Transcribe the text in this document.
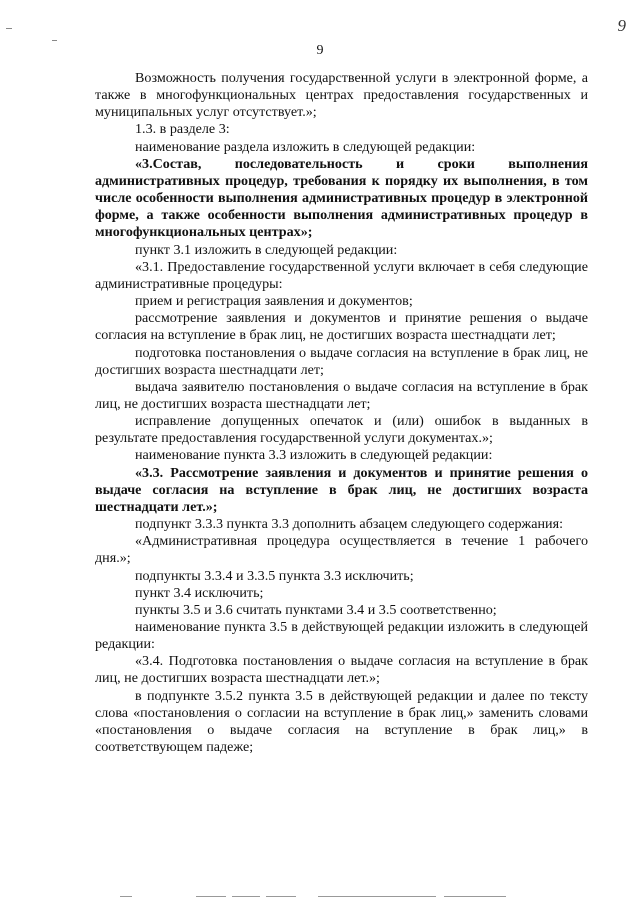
9
9

Возможность получения государственной услуги в электронной форме, а также в многофункциональных центрах предоставления государственных и муниципальных услуг отсутствует.»;

1.3. в разделе 3:

наименование раздела изложить в следующей редакции:

«3.Состав, последовательность и сроки выполнения административных процедур, требования к порядку их выполнения, в том числе особенности выполнения административных процедур в электронной форме, а также особенности выполнения административных процедур в многофункциональных центрах»;

пункт 3.1 изложить в следующей редакции:

«3.1. Предоставление государственной услуги включает в себя следующие административные процедуры:

прием и регистрация заявления и документов;

рассмотрение заявления и документов и принятие решения о выдаче согласия на вступление в брак лиц, не достигших возраста шестнадцати лет;

подготовка постановления о выдаче согласия на вступление в брак лиц, не достигших возраста шестнадцати лет;

выдача заявителю постановления о выдаче согласия на вступление в брак лиц, не достигших возраста шестнадцати лет;

исправление допущенных опечаток и (или) ошибок в выданных в результате предоставления государственной услуги документах.»;

наименование пункта 3.3 изложить в следующей редакции:

«3.3. Рассмотрение заявления и документов и принятие решения о выдаче согласия на вступление в брак лиц, не достигших возраста шестнадцати лет.»;

подпункт 3.3.3 пункта 3.3 дополнить абзацем следующего содержания:

«Административная процедура осуществляется в течение 1 рабочего дня.»;

подпункты 3.3.4 и 3.3.5 пункта 3.3 исключить;

пункт 3.4 исключить;

пункты 3.5 и 3.6 считать пунктами 3.4 и 3.5 соответственно;

наименование пункта 3.5 в действующей редакции изложить в следующей редакции:

«3.4. Подготовка постановления о выдаче согласия на вступление в брак лиц, не достигших возраста шестнадцати лет.»;

в подпункте 3.5.2 пункта 3.5 в действующей редакции и далее по тексту слова «постановления о согласии на вступление в брак лиц,» заменить словами «постановления о выдаче согласия на вступление в брак лиц,» в соответствующем падеже;
